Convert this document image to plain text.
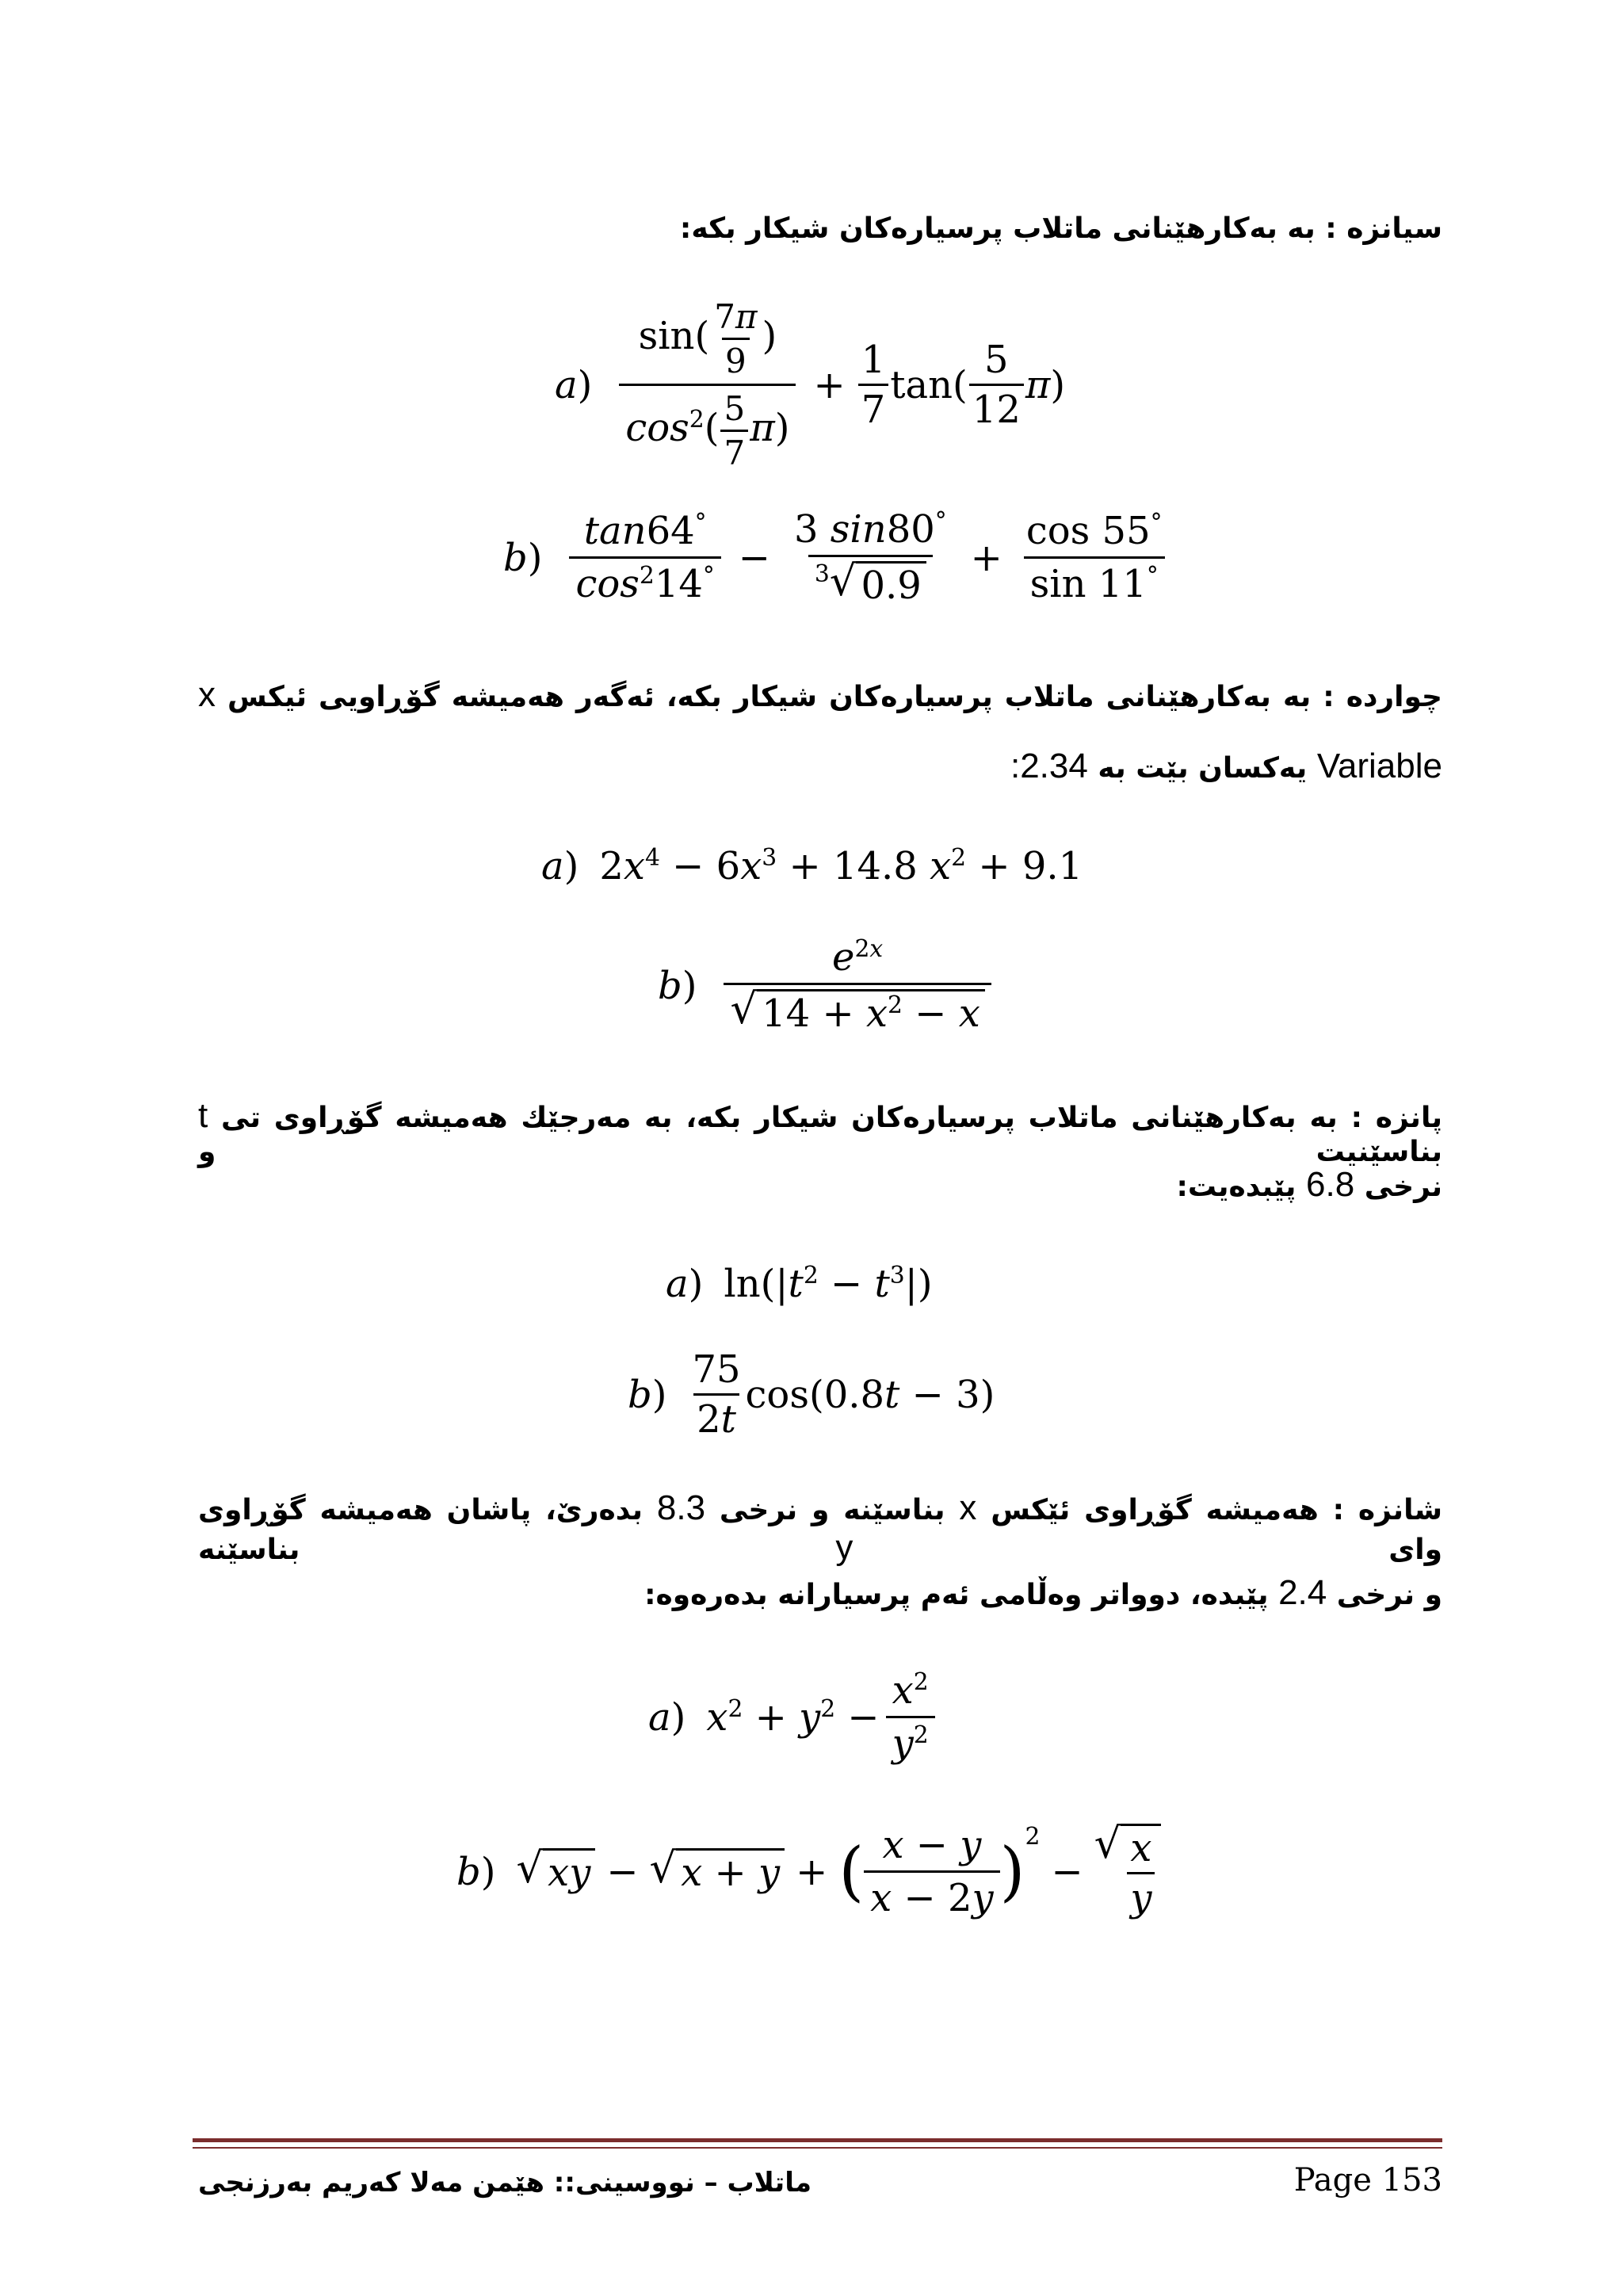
سیانزە : بە بەکارهێنانی ماتلاب پرسیارەکان شیکار بکە:
$a) \frac{\sin( \frac{7\pi}{9} )}{\cos^2( \frac{5}{7} \pi)} + \frac{1}{7} \tan( \frac{5}{12} \pi)$
$b) \frac{\tan 64^\circ}{\cos^214^\circ} - \frac{3 \sin 80^\circ}{^3 √ 0.9} + \frac{\cos 55^\circ}{\sin 11^\circ}$
چواردە : بە بەکارهێنانی ماتلاب پرسیارەکان شیکار بکە، ئەگەر هەمیشە گۆڕاویی ئیکس x
Variable یەکسان بێت بە 2.34:
a) $2x^4 - 6x^3 + 14.8$ $x^2 + 9.1$
$b) \frac{e^{2x}}{√ 14 + x^2 - x}$
پانزە : بە بەکارهێنانی ماتلاب پرسیارەکان شیکار بکە، بە مەرجێك هەمیشە گۆڕاوی تی t بناسێنیت و
نرخی 6.8 پێبدەیت:
a) $\ln(|t^2 - t^3|)$
$b) \frac{75}{2t} \cos(0.8t - 3)$
شانزە : هەمیشە گۆڕاوی ئێکس x بناسێنە و نرخی 8.3 بدەرێ، پاشان هەمیشە گۆڕاوی وای y بناسێنە
و نرخی 2.4 پێبدە، دوواتر وەڵامی ئەم پرسیارانە بدەرەوە:
a) $x^2 + y^2 - \frac{x^2}{y^2}$
b) √ xy − √ x + y + ( $\frac{x - y}{x - 2y} )^2$
−
√ $\frac{x}{y}$
Page 153
ماتلاب – نووسینی:: هێمن مەلا کەریم بەرزنجی
